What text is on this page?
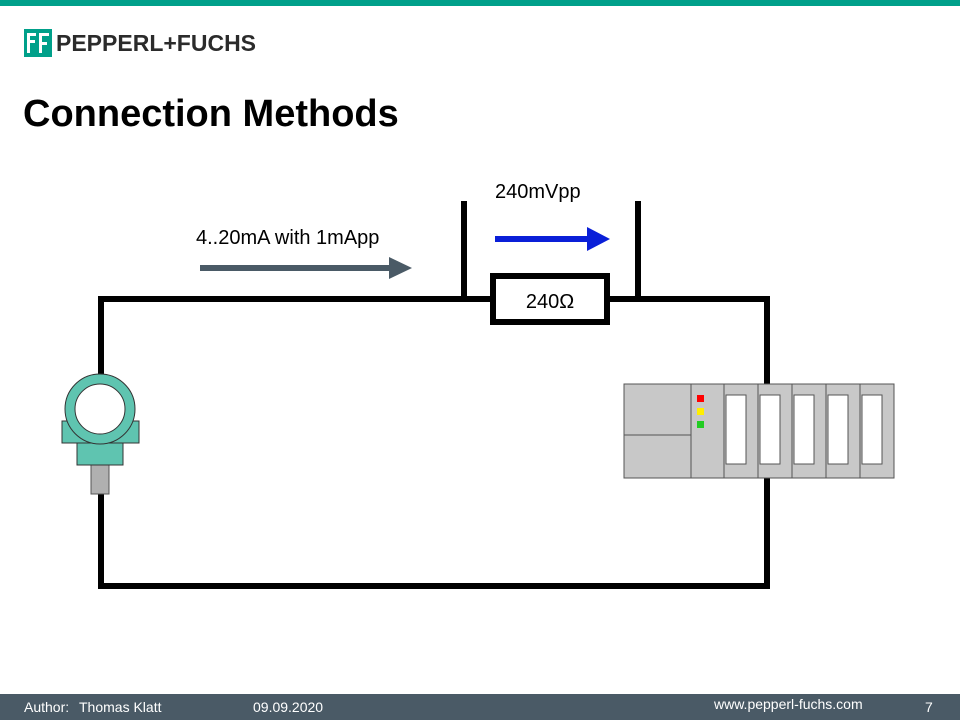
PEPPERL+FUCHS
Connection Methods
240Ω
4..20mA with 1mApp
240mVpp
Author: Thomas Klatt	09.09.2020	www.pepperl-fuchs.com	7
